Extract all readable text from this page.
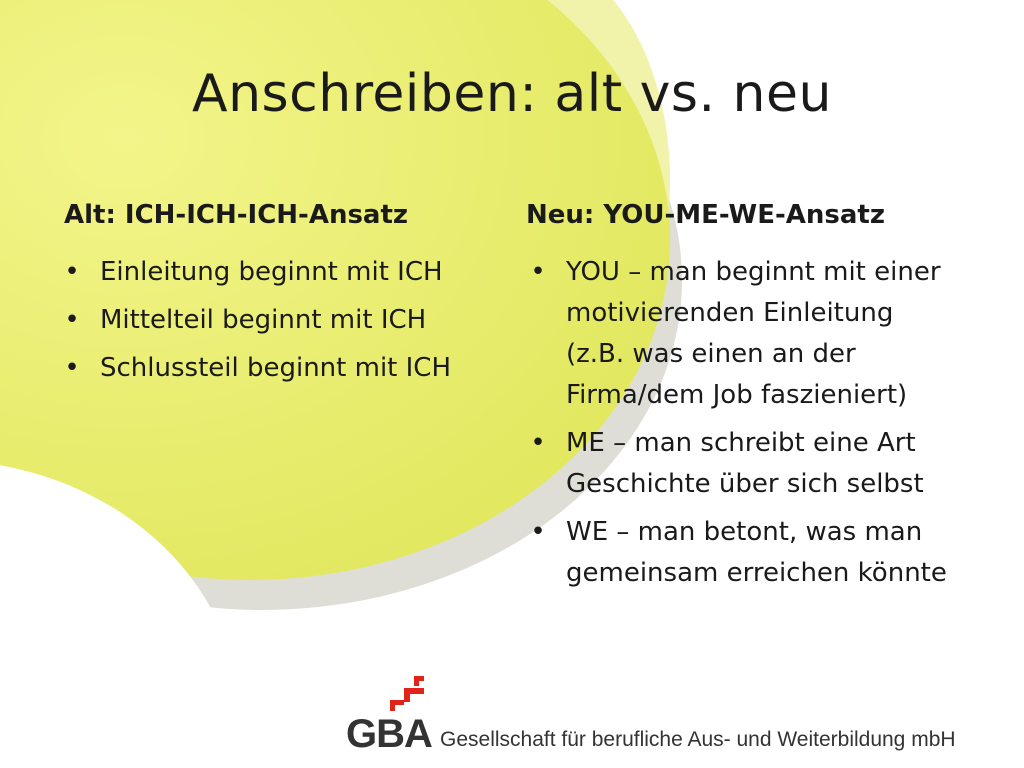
Anschreiben: alt vs. neu
Alt: ICH-ICH-ICH-Ansatz	Neu: YOU-ME-WE-Ansatz
• Einleitung beginnt mit ICH
• Mittelteil beginnt mit ICH
• Schlussteil beginnt mit ICH
• YOU – man beginnt mit einer motivierenden Einleitung (z.B. was einen an der Firma/dem Job faszieniert)
• ME – man schreibt eine Art Geschichte über sich selbst
• WE – man betont, was man gemeinsam erreichen könnte
GBA Gesellschaft für berufliche Aus- und Weiterbildung mbH
